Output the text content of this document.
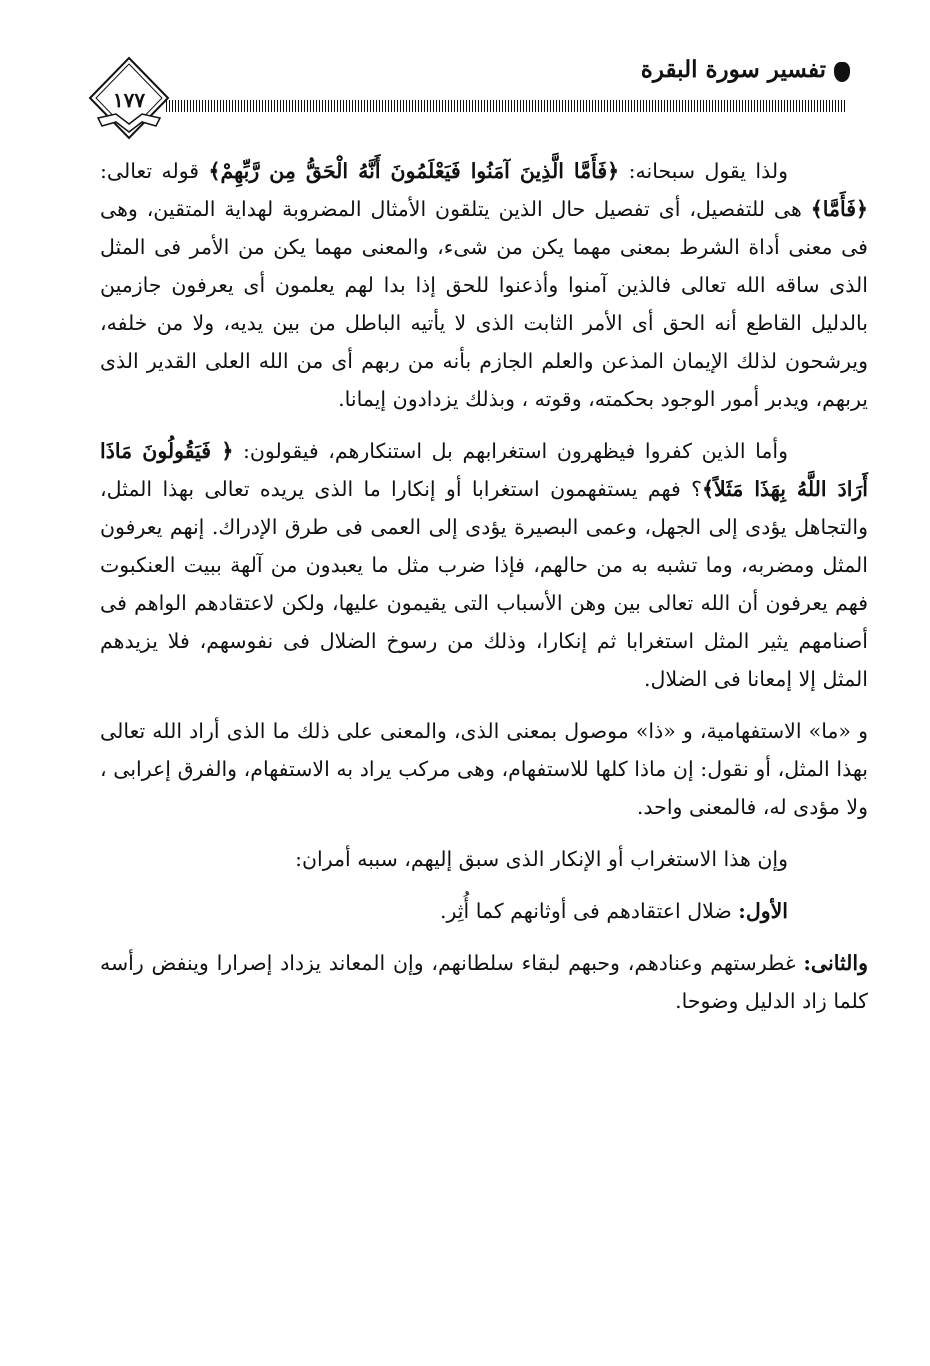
تفسير سورة البقرة
١٧٧

ولذا يقول سبحانه: ﴿فَأَمَّا الَّذِينَ آمَنُوا فَيَعْلَمُونَ أَنَّهُ الْحَقُّ مِن رَّبِّهِمْ﴾ قوله تعالى: ﴿فَأَمَّا﴾ هى للتفصيل، أى تفصيل حال الذين يتلقون الأمثال المضروبة لهداية المتقين، وهى فى معنى أداة الشرط بمعنى مهما يكن من شىء، والمعنى مهما يكن من الأمر فى المثل الذى ساقه الله تعالى فالذين آمنوا وأذعنوا للحق إذا بدا لهم يعلمون أى يعرفون جازمين بالدليل القاطع أنه الحق أى الأمر الثابت الذى لا يأتيه الباطل من بين يديه، ولا من خلفه، ويرشحون لذلك الإيمان المذعن والعلم الجازم بأنه من ربهم أى من الله العلى القدير الذى يربهم، ويدبر أمور الوجود بحكمته، وقوته ، وبذلك يزدادون إيمانا.

وأما الذين كفروا فيظهرون استغرابهم بل استنكارهم، فيقولون: ﴿ فَيَقُولُونَ مَاذَا أَرَادَ اللَّهُ بِهَذَا مَثَلاً﴾؟ فهم يستفهمون استغرابا أو إنكارا ما الذى يريده تعالى بهذا المثل، والتجاهل يؤدى إلى الجهل، وعمى البصيرة يؤدى إلى العمى فى طرق الإدراك. إنهم يعرفون المثل ومضربه، وما تشبه به من حالهم، فإذا ضرب مثل ما يعبدون من آلهة ببيت العنكبوت فهم يعرفون أن الله تعالى بين وهن الأسباب التى يقيمون عليها، ولكن لاعتقادهم الواهم فى أصنامهم يثير المثل استغرابا ثم إنكارا، وذلك من رسوخ الضلال فى نفوسهم، فلا يزيدهم المثل إلا إمعانا فى الضلال.

و «ما» الاستفهامية، و «ذا» موصول بمعنى الذى، والمعنى على ذلك ما الذى أراد الله تعالى بهذا المثل، أو نقول: إن ماذا كلها للاستفهام، وهى مركب يراد به الاستفهام، والفرق إعرابى ، ولا مؤدى له، فالمعنى واحد.

وإن هذا الاستغراب أو الإنكار الذى سبق إليهم، سببه أمران:

الأول: ضلال اعتقادهم فى أوثانهم كما أُثِر.

والثانى: غطرستهم وعنادهم، وحبهم لبقاء سلطانهم، وإن المعاند يزداد إصرارا وينفض رأسه كلما زاد الدليل وضوحا.
